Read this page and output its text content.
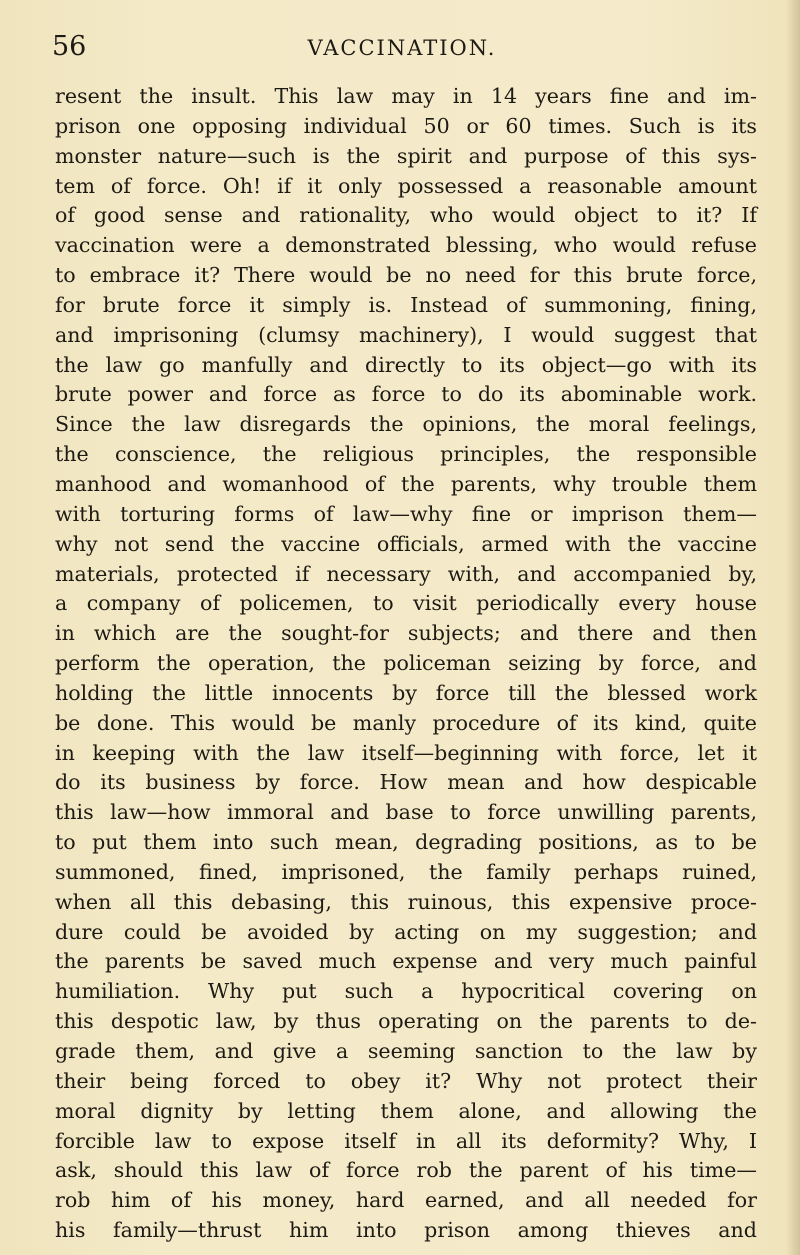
56	VACCINATION.
resent the insult. This law may in 14 years fine and im-
prison one opposing individual 50 or 60 times. Such is its
monster nature—such is the spirit and purpose of this sys-
tem of force. Oh! if it only possessed a reasonable amount
of good sense and rationality, who would object to it? If
vaccination were a demonstrated blessing, who would refuse
to embrace it? There would be no need for this brute force,
for brute force it simply is. Instead of summoning, fining,
and imprisoning (clumsy machinery), I would suggest that
the law go manfully and directly to its object—go with its
brute power and force as force to do its abominable work.
Since the law disregards the opinions, the moral feelings,
the conscience, the religious principles, the responsible
manhood and womanhood of the parents, why trouble them
with torturing forms of law—why fine or imprison them—
why not send the vaccine officials, armed with the vaccine
materials, protected if necessary with, and accompanied by,
a company of policemen, to visit periodically every house
in which are the sought-for subjects; and there and then
perform the operation, the policeman seizing by force, and
holding the little innocents by force till the blessed work
be done. This would be manly procedure of its kind, quite
in keeping with the law itself—beginning with force, let it
do its business by force. How mean and how despicable
this law—how immoral and base to force unwilling parents,
to put them into such mean, degrading positions, as to be
summoned, fined, imprisoned, the family perhaps ruined,
when all this debasing, this ruinous, this expensive proce-
dure could be avoided by acting on my suggestion; and
the parents be saved much expense and very much painful
humiliation. Why put such a hypocritical covering on
this despotic law, by thus operating on the parents to de-
grade them, and give a seeming sanction to the law by
their being forced to obey it? Why not protect their
moral dignity by letting them alone, and allowing the
forcible law to expose itself in all its deformity? Why, I
ask, should this law of force rob the parent of his time—
rob him of his money, hard earned, and all needed for
his family—thrust him into prison among thieves and
